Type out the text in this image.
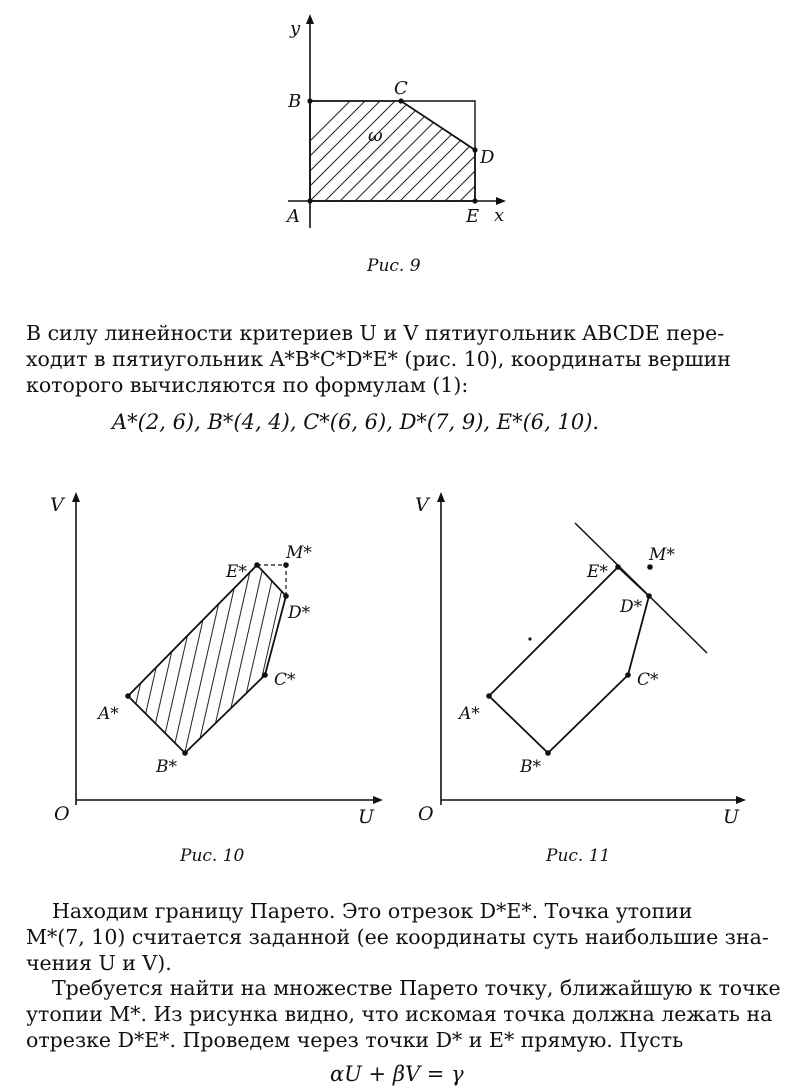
y
x
B
C
D
A	E
ω
Рис. 9
В силу линейности критериев U и V пятиугольник ABCDE пере-
ходит в пятиугольник A*B*C*D*E* (рис. 10), координаты вершин
которого вычисляются по формулам (1):
A*(2, 6), B*(4, 4), C*(6, 6), D*(7, 9), E*(6, 10).
V
O	U
A*
B*
C*
D*
E*
M*
Рис. 10
V
O	U
A*
B*
C*
D*
E*
M*
Рис. 11
Находим границу Парето. Это отрезок D*E*. Точка утопии
M*(7, 10) считается заданной (ее координаты суть наибольшие зна-
чения U и V).
Требуется найти на множестве Парето точку, ближайшую к точке
утопии M*. Из рисунка видно, что искомая точка должна лежать на
отрезке D*E*. Проведем через точки D* и E* прямую. Пусть
αU + βV = γ
